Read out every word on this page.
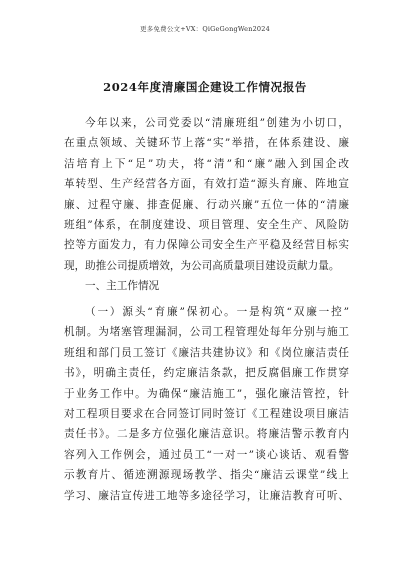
更多免费公文+VX：QiGeGongWen2024
2024年度清廉国企建设工作情况报告
今年以来，公司党委以“清廉班组”创建为小切口，
在重点领域、关键环节上落“实”举措，在体系建设、廉
洁培育上下“足”功夫，将“清”和“廉”融入到国企改
革转型、生产经营各方面，有效打造“源头育廉、阵地宣
廉、过程守廉、排查促廉、行动兴廉”五位一体的“清廉
班组”体系，在制度建设、项目管理、安全生产、风险防
控等方面发力，有力保障公司安全生产平稳及经营目标实
现，助推公司提质增效，为公司高质量项目建设贡献力量。
一、主工作情况
（一）源头“育廉”保初心。一是构筑“双廉一控”
机制。为堵塞管理漏洞，公司工程管理处每年分别与施工
班组和部门员工签订《廉洁共建协议》和《岗位廉洁责任
书》，明确主责任，约定廉洁条款，把反腐倡廉工作贯穿
于业务工作中。为确保“廉洁施工”，强化廉洁管控，针
对工程项目要求在合同签订同时签订《工程建设项目廉洁
责任书》。二是多方位强化廉洁意识。将廉洁警示教育内
容列入工作例会，通过员工“一对一”谈心谈话、观看警
示教育片、循迹溯源现场教学、指尖“廉洁云课堂”线上
学习、廉洁宣传进工地等多途径学习，让廉洁教育可听、
